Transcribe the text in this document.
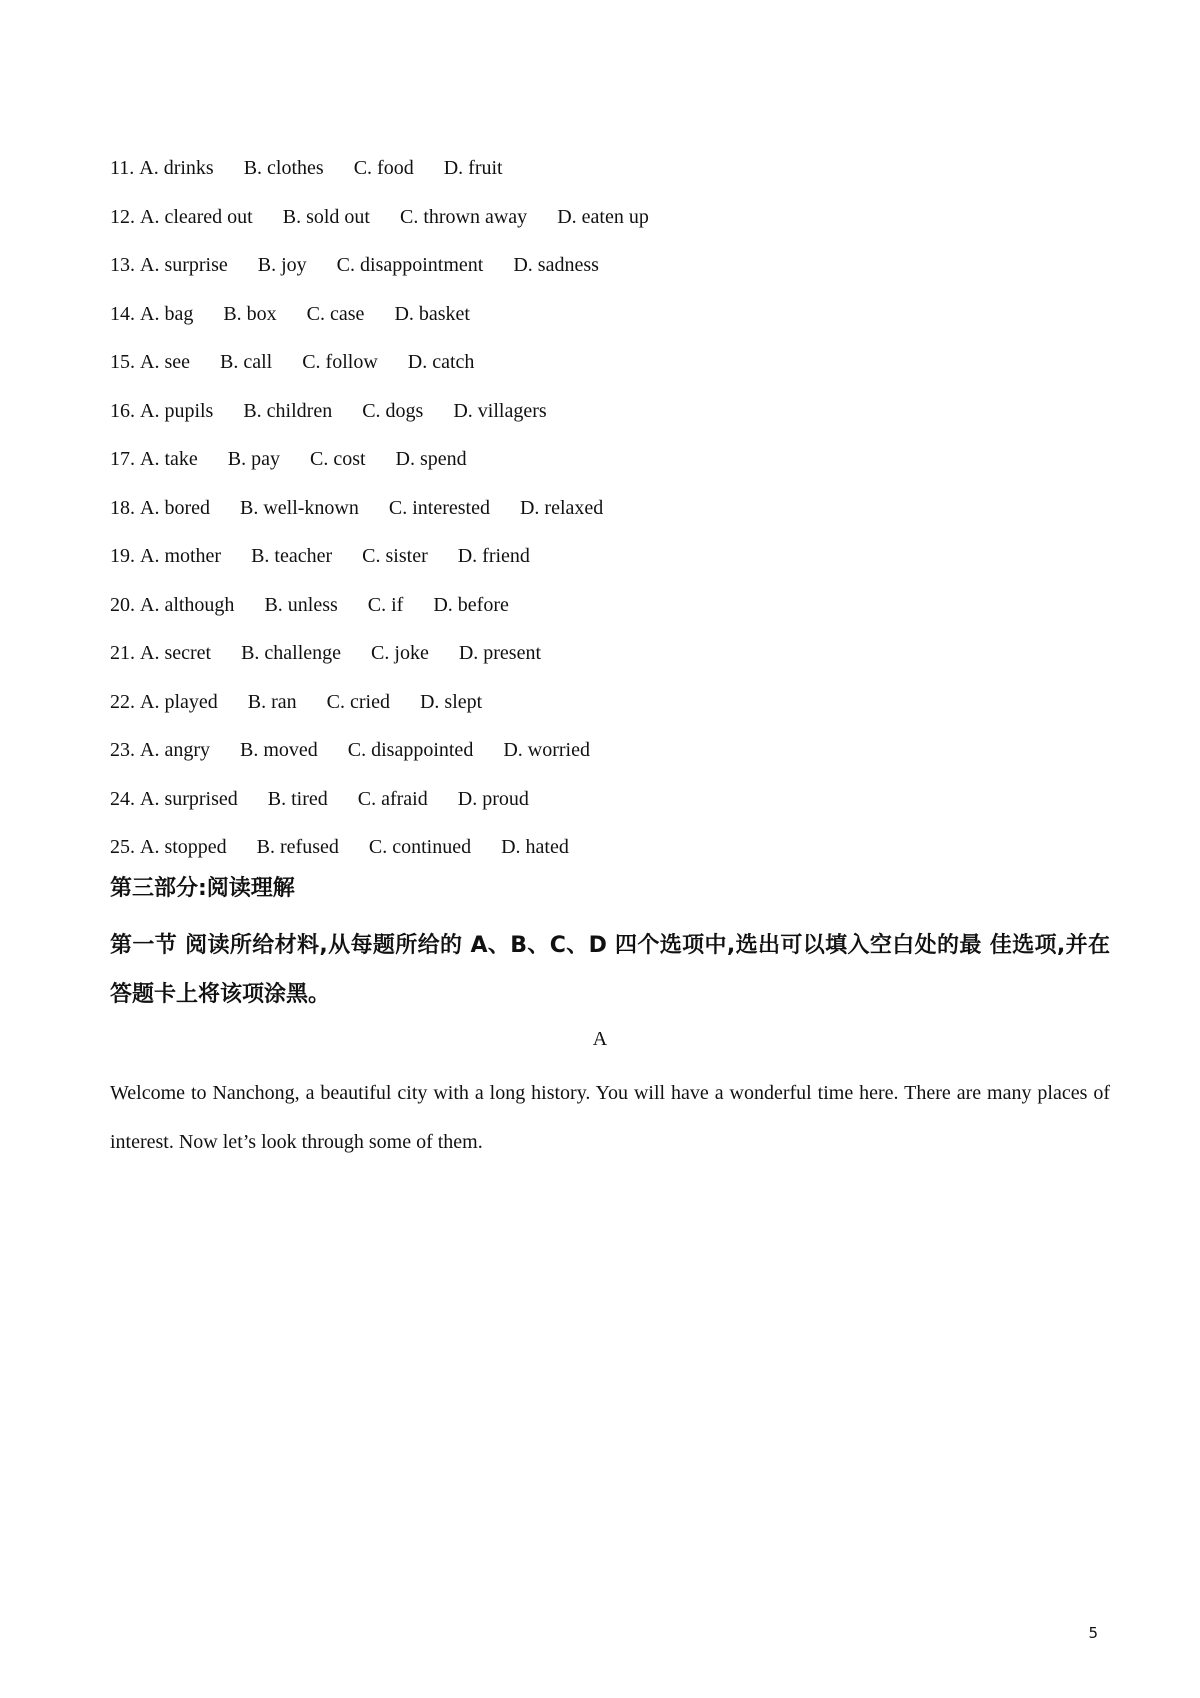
11. A. drinks B. clothes C. food D. fruit
12. A. cleared out B. sold out C. thrown away D. eaten up
13. A. surprise B. joy C. disappointment D. sadness
14. A. bag B. box C. case D. basket
15. A. see B. call C. follow D. catch
16. A. pupils B. children C. dogs D. villagers
17. A. take B. pay C. cost D. spend
18. A. bored B. well-known C. interested D. relaxed
19. A. mother B. teacher C. sister D. friend
20. A. although B. unless C. if D. before
21. A. secret B. challenge C. joke D. present
22. A. played B. ran C. cried D. slept
23. A. angry B. moved C. disappointed D. worried
24. A. surprised B. tired C. afraid D. proud
25. A. stopped B. refused C. continued D. hated
第三部分:阅读理解
第一节 阅读所给材料,从每题所给的 A、B、C、D 四个选项中,选出可以填入空白处的最 佳选项,并在答题卡上将该项涂黑。
A
Welcome to Nanchong, a beautiful city with a long history. You will have a wonderful time here. There are many places of interest. Now let’s look through some of them.
5
